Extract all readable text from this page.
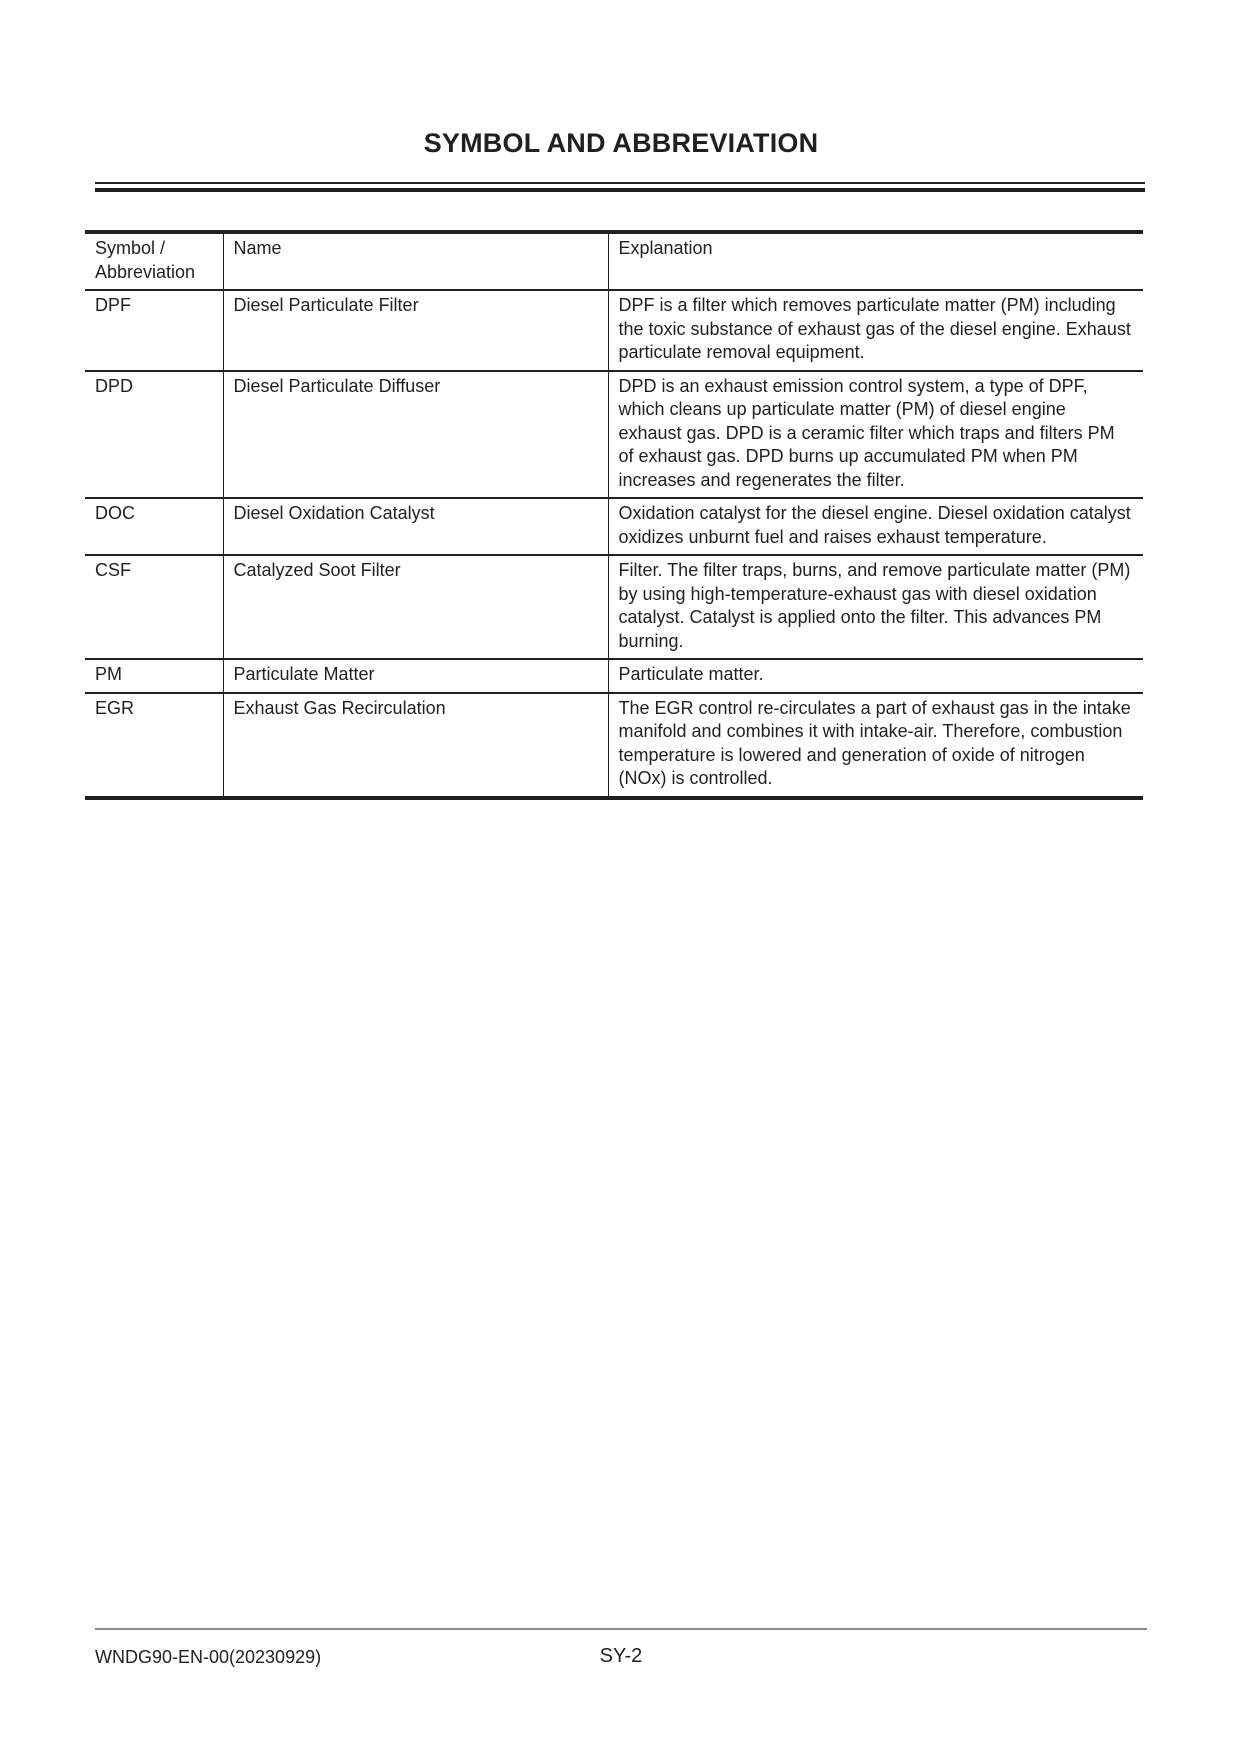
SYMBOL AND ABBREVIATION
Symbol / Abbreviation	Name	Explanation
DPF	Diesel Particulate Filter	DPF is a filter which removes particulate matter (PM) including the toxic substance of exhaust gas of the diesel engine. Exhaust particulate removal equipment.
DPD	Diesel Particulate Diffuser	DPD is an exhaust emission control system, a type of DPF, which cleans up particulate matter (PM) of diesel engine exhaust gas. DPD is a ceramic filter which traps and filters PM of exhaust gas. DPD burns up accumulated PM when PM increases and regenerates the filter.
DOC	Diesel Oxidation Catalyst	Oxidation catalyst for the diesel engine. Diesel oxidation catalyst oxidizes unburnt fuel and raises exhaust temperature.
CSF	Catalyzed Soot Filter	Filter. The filter traps, burns, and remove particulate matter (PM) by using high-temperature-exhaust gas with diesel oxidation catalyst. Catalyst is applied onto the filter. This advances PM burning.
PM	Particulate Matter	Particulate matter.
EGR	Exhaust Gas Recirculation	The EGR control re-circulates a part of exhaust gas in the intake manifold and combines it with intake-air. Therefore, combustion temperature is lowered and generation of oxide of nitrogen (NOx) is controlled.
WNDG90-EN-00(20230929)	SY-2
